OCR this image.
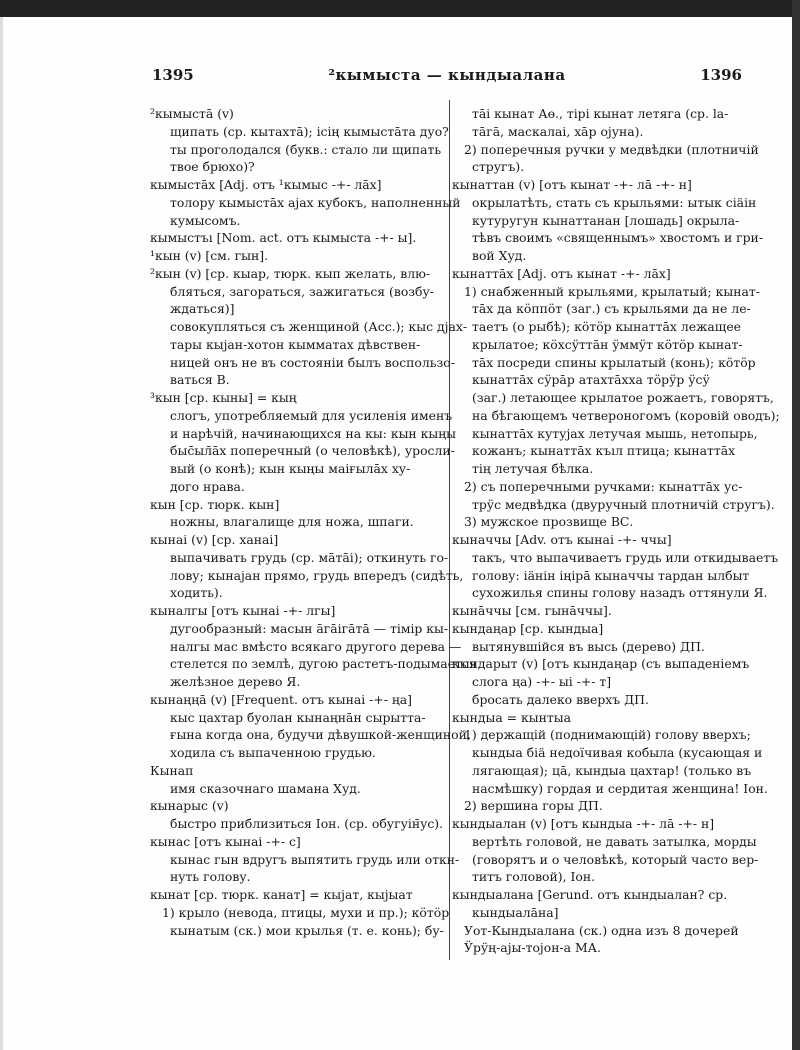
1395	²кымыста — кындыалана	1396
²кымыстā (v)
щипать (ср. кытахтā); ісің кымыстāта дуо?
ты проголодался (букв.: стало ли щипать
твое брюхо)?
кымыстāх [Adj. отъ ¹кымыс -+- лāх]
толору кымыстāх аjах кубокъ, наполненный
кумысомъ.
кымыстъı [Nom. act. отъ кымыста -+- ы].
¹кын (v) [см. гын].
²кын (v) [ср. кыар, тюрк. кып желать, влю-
бляться, загораться, зажигаться (возбу-
ждаться)]
совокупляться съ женщиной (Асс.); кыс дjах-
тары кыјан-хотон кымматах дѣвствен-
ницей онъ не въ состояніи былъ воспользо-
ваться В.
³кын [ср. кыны] = кың
слогъ, употребляемый для усиленія именъ
и нарѣчій, начинающихся на кы: кын кыңы
быс̄ыл̄āх поперечный (о человѣкѣ), уросли-
вый (о конѣ); кын кыңы маіғылāх ху-
дого нрава.
кын [ср. тюрк. кын]
ножны, влагалище для ножа, шпаги.
кынаі (v) [ср. ханаі]
выпачивать грудь (ср. мāтāі); откинуть го-
лову; кынаjан прямо, грудь впередъ (сидѣть,
ходить).
кыналгы [отъ кынаі -+- лгы]
дугообразный: масын āгāігāтā — тімір кы-
налгы мас вмѣсто всякаго другого дерева —
стелется по землѣ, дугою растетъ-подымается
желѣзное дерево Я.
кынаңңā (v) [Frequent. отъ кынаі -+- ңа]
кыс цахтар буолан кынаңнāн сырытта-
ғына когда она, будучи дѣвушкой-женщиной,
ходила съ выпаченною грудью.
Кынап
имя сказочнаго шамана Худ.
кынарыс (v)
быстро приблизиться Іон. (ср. обугуін̄ус).
кынас [отъ кынаі -+- с]
кынас гын вдругъ выпятить грудь или откн-
нуть голову.
кынат [ср. тюрк. канат] = кыjат, кыјыат
1) крыло (невода, птицы, мухи и пр.); кӧтӧр
кынатым (ск.) мои крылья (т. е. конь); бу-
тāі кынат Аө., тірі кынат летяга (ср. lа-
тāгā, маскалаі, хāр оjуна).
2) поперечныя ручки у медвѣдки (плотничій
стругъ).
кынаттан (v) [отъ кынат -+- лā -+- н]
окрылатѣть, стать съ крыльями: ытык сіäін
кутуругун кынаттанан [лошадь] окрыла-
тѣвъ своимъ «священнымъ» хвостомъ и гри-
вой Худ.
кынаттāх [Adj. отъ кынат -+- лāх]
1) снабженный крыльями, крылатый; кынат-
тāх да кӧппӧт (заг.) съ крыльями да не ле-
таетъ (о рыбѣ); кӧтӧр кынаттāх лежащее
крылатое; кӧхсӱттāн ӱммӱт кӧтӧр кынат-
тāх посреди спины крылатый (конь); кӧтӧр
кынаттāх сӱрāр атахтāхха тӧрӱр ӱсӱ
(заг.) летающее крылатое рожаетъ, говорятъ,
на бѣгающемъ четвероногомъ (коровій оводъ);
кынаттāх кутуjах летучая мышь, нетопырь,
кожанъ; кынаттāх къıл птица; кынаттāх
тің летучая бѣлка.
2) съ поперечными ручками: кынаттāх ус-
трӱс медвѣдка (двуручный плотничій стругъ).
3) мужское прозвище ВС.
кыначчы [Adv. отъ кынаі -+- ччы]
такъ, что выпачиваетъ грудь или откидываетъ
голову: іäнін іңірā кыначчы тардан ылбыт
сухожилья спины голову назадъ оттянули Я.
кынāччы [см. гынāччы].
кындаңар [ср. кындыа]
вытянувшійся въ высь (дерево) ДП.
кындарыт (v) [отъ кындаңар (съ выпаденіемъ
слога ңа) -+- ыі -+- т]
бросать далеко вверхъ ДП.
кындыа = кынтыа
1) держащій (поднимающій) голову вверхъ;
кындыа біä недоїчивая кобыла (кусающая и
лягающая); цā, кындыа цахтар! (только въ
насмѣшку) гордая и сердитая женщина! Іон.
2) вершина горы ДП.
кындыалан (v) [отъ кындыа -+- лā -+- н]
вертѣть головой, не давать затылка, морды
(говорятъ и о человѣкѣ, который часто вер-
титъ головой), Іон.
кындыалана [Gerund. отъ кындыалан? ср.
кындыалāна]
Уот-Кындыалана (ск.) одна изъ 8 дочерей
Ӱрӱң-аjы-тоjон-а МА.
